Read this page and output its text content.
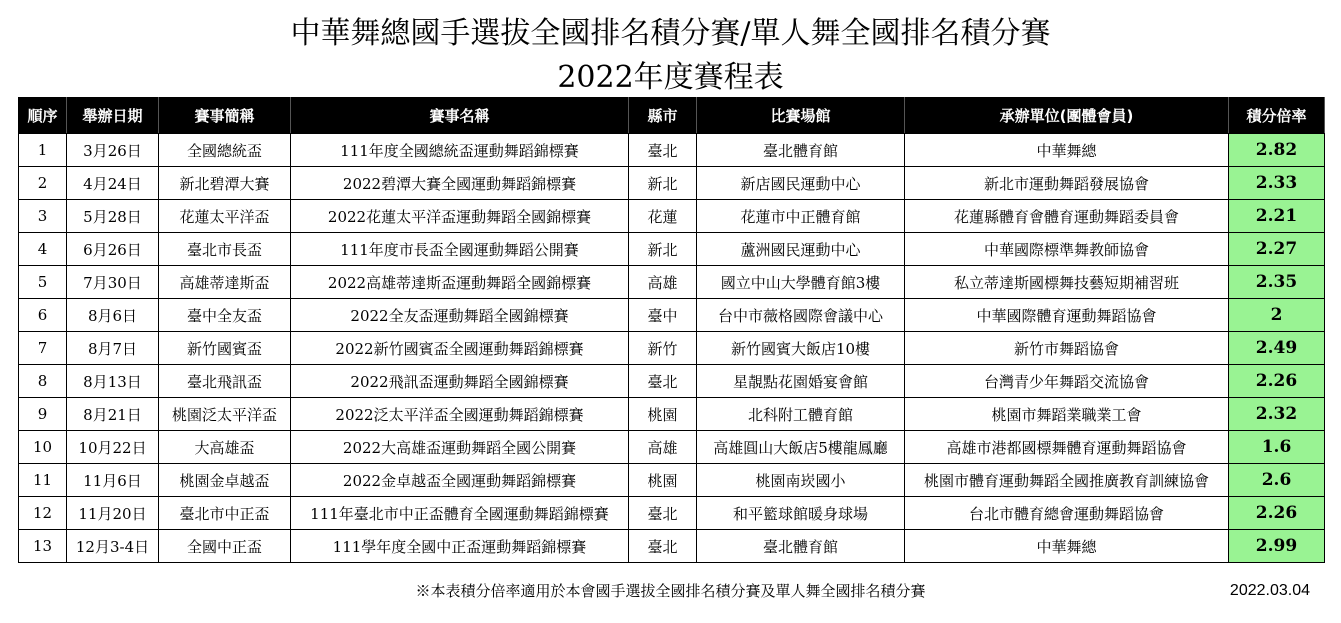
中華舞總國手選拔全國排名積分賽/單人舞全國排名積分賽
2022年度賽程表
順序	舉辦日期	賽事簡稱	賽事名稱	縣市	比賽場館	承辦單位(團體會員)	積分倍率
1	3月26日	全國總統盃	111年度全國總統盃運動舞蹈錦標賽	臺北	臺北體育館	中華舞總	2.82
2	4月24日	新北碧潭大賽	2022碧潭大賽全國運動舞蹈錦標賽	新北	新店國民運動中心	新北市運動舞蹈發展協會	2.33
3	5月28日	花蓮太平洋盃	2022花蓮太平洋盃運動舞蹈全國錦標賽	花蓮	花蓮市中正體育館	花蓮縣體育會體育運動舞蹈委員會	2.21
4	6月26日	臺北市長盃	111年度市長盃全國運動舞蹈公開賽	新北	蘆洲國民運動中心	中華國際標準舞教師協會	2.27
5	7月30日	高雄蒂達斯盃	2022高雄蒂達斯盃運動舞蹈全國錦標賽	高雄	國立中山大學體育館3樓	私立蒂達斯國標舞技藝短期補習班	2.35
6	8月6日	臺中全友盃	2022全友盃運動舞蹈全國錦標賽	臺中	台中市薇格國際會議中心	中華國際體育運動舞蹈協會	2
7	8月7日	新竹國賓盃	2022新竹國賓盃全國運動舞蹈錦標賽	新竹	新竹國賓大飯店10樓	新竹市舞蹈協會	2.49
8	8月13日	臺北飛訊盃	2022飛訊盃運動舞蹈全國錦標賽	臺北	星靚點花園婚宴會館	台灣青少年舞蹈交流協會	2.26
9	8月21日	桃園泛太平洋盃	2022泛太平洋盃全國運動舞蹈錦標賽	桃園	北科附工體育館	桃園市舞蹈業職業工會	2.32
10	10月22日	大高雄盃	2022大高雄盃運動舞蹈全國公開賽	高雄	高雄圓山大飯店5樓龍鳳廳	高雄市港都國標舞體育運動舞蹈協會	1.6
11	11月6日	桃園金卓越盃	2022金卓越盃全國運動舞蹈錦標賽	桃園	桃園南崁國小	桃園市體育運動舞蹈全國推廣教育訓練協會	2.6
12	11月20日	臺北市中正盃	111年臺北市中正盃體育全國運動舞蹈錦標賽	臺北	和平籃球館暖身球場	台北市體育總會運動舞蹈協會	2.26
13	12月3-4日	全國中正盃	111學年度全國中正盃運動舞蹈錦標賽	臺北	臺北體育館	中華舞總	2.99
※本表積分倍率適用於本會國手選拔全國排名積分賽及單人舞全國排名積分賽	2022.03.04
